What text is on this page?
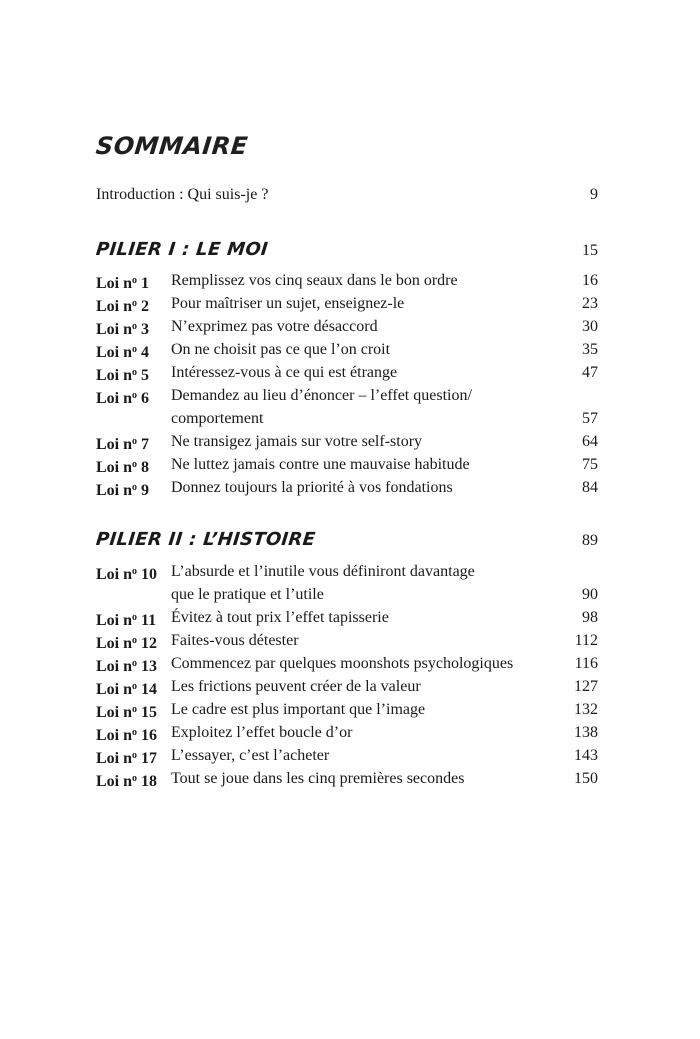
SOMMAIRE
Introduction : Qui suis-je ?	9
PILIER I : LE MOI	15
Loi $n^o$ 1 Remplissez vos cinq seaux dans le bon ordre	16
Loi $n^o$ 2 Pour maîtriser un sujet, enseignez-le	23
Loi $n^o$ 3 N’exprimez pas votre désaccord	30
Loi $n^o$ 4 On ne choisit pas ce que l’on croit	35
Loi $n^o$ 5 Intéressez-vous à ce qui est étrange	47
Loi $n^o$ 6 Demandez au lieu d’énoncer – l’effet question/
comportement	57
Loi $n^o$ 7 Ne transigez jamais sur votre self-story	64
Loi $n^o$ 8 Ne luttez jamais contre une mauvaise habitude	75
Loi $n^o$ 9 Donnez toujours la priorité à vos fondations	84
PILIER II : L’HISTOIRE	89
Loi $n^o$ 10 L’absurde et l’inutile vous définiront davantage
que le pratique et l’utile	90
Loi $n^o$ 11 Évitez à tout prix l’effet tapisserie	98
Loi $n^o$ 12 Faites-vous détester	112
Loi $n^o$ 13 Commencez par quelques moonshots psychologiques	116
Loi $n^o$ 14 Les frictions peuvent créer de la valeur	127
Loi $n^o$ 15 Le cadre est plus important que l’image	132
Loi $n^o$ 16 Exploitez l’effet boucle d’or	138
Loi $n^o$ 17 L’essayer, c’est l’acheter	143
Loi $n^o$ 18 Tout se joue dans les cinq premières secondes	150
